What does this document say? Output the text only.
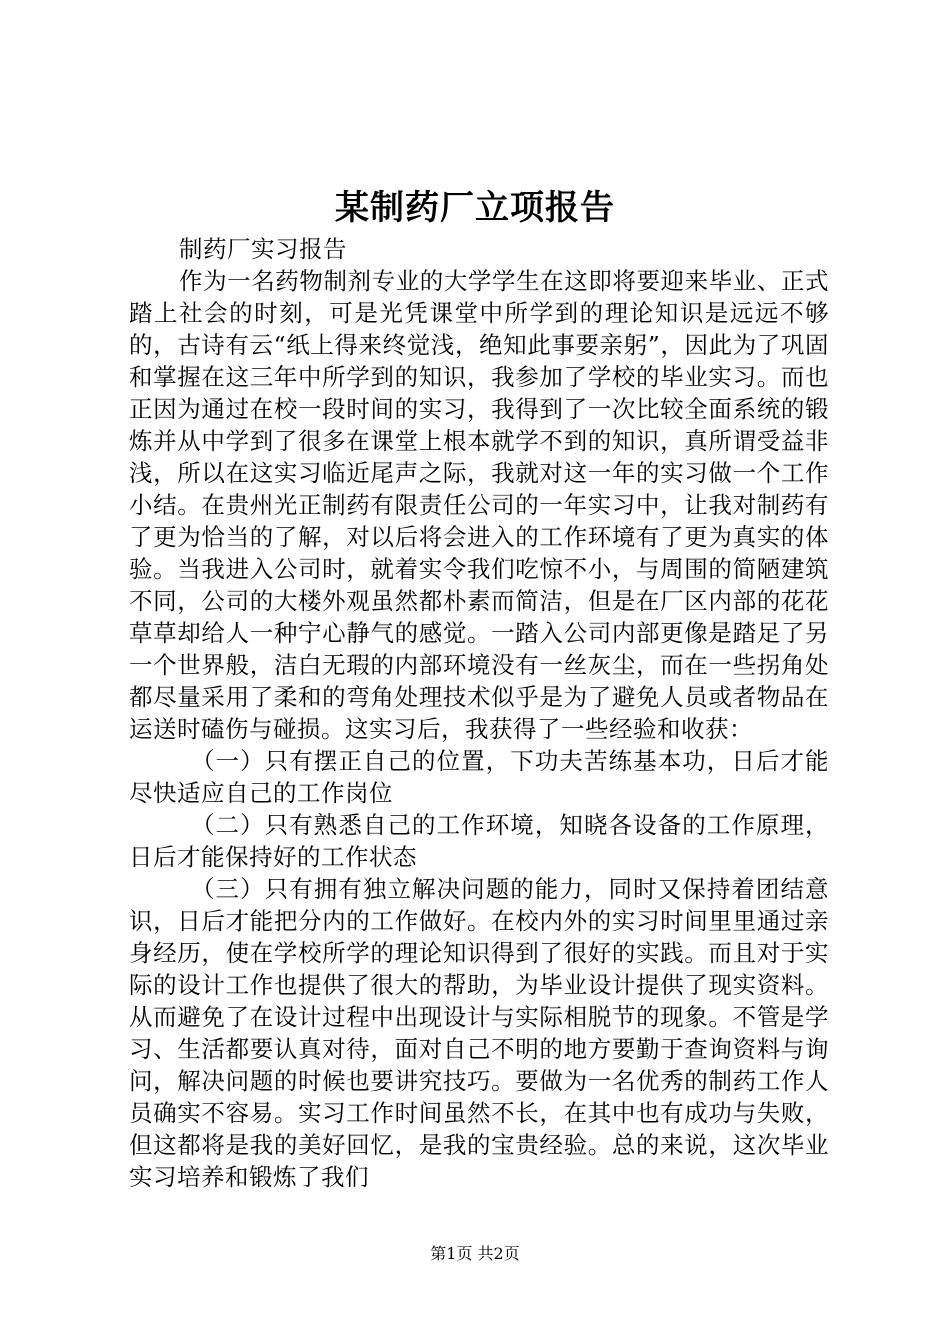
某制药厂立项报告

制药厂实习报告

作为一名药物制剂专业的大学学生在这即将要迎来毕业、正式踏上社会的时刻，可是光凭课堂中所学到的理论知识是远远不够的，古诗有云“纸上得来终觉浅，绝知此事要亲躬”，因此为了巩固和掌握在这三年中所学到的知识，我参加了学校的毕业实习。而也正因为通过在校一段时间的实习，我得到了一次比较全面系统的锻炼并从中学到了很多在课堂上根本就学不到的知识，真所谓受益非浅，所以在这实习临近尾声之际，我就对这一年的实习做一个工作小结。在贵州光正制药有限责任公司的一年实习中，让我对制药有了更为恰当的了解，对以后将会进入的工作环境有了更为真实的体验。当我进入公司时，就着实令我们吃惊不小，与周围的简陋建筑不同，公司的大楼外观虽然都朴素而简洁，但是在厂区内部的花花草草却给人一种宁心静气的感觉。一踏入公司内部更像是踏足了另一个世界般，洁白无瑕的内部环境没有一丝灰尘，而在一些拐角处都尽量采用了柔和的弯角处理技术似乎是为了避免人员或者物品在运送时磕伤与碰损。这实习后，我获得了一些经验和收获：

（一）只有摆正自己的位置，下功夫苦练基本功，日后才能尽快适应自己的工作岗位

（二）只有熟悉自己的工作环境，知晓各设备的工作原理，日后才能保持好的工作状态

（三）只有拥有独立解决问题的能力，同时又保持着团结意识，日后才能把分内的工作做好。在校内外的实习时间里里通过亲身经历，使在学校所学的理论知识得到了很好的实践。而且对于实际的设计工作也提供了很大的帮助，为毕业设计提供了现实资料。从而避免了在设计过程中出现设计与实际相脱节的现象。不管是学习、生活都要认真对待，面对自己不明的地方要勤于查询资料与询问，解决问题的时候也要讲究技巧。要做为一名优秀的制药工作人员确实不容易。实习工作时间虽然不长，在其中也有成功与失败，但这都将是我的美好回忆，是我的宝贵经验。总的来说，这次毕业实习培养和锻炼了我们

第1页 共2页
